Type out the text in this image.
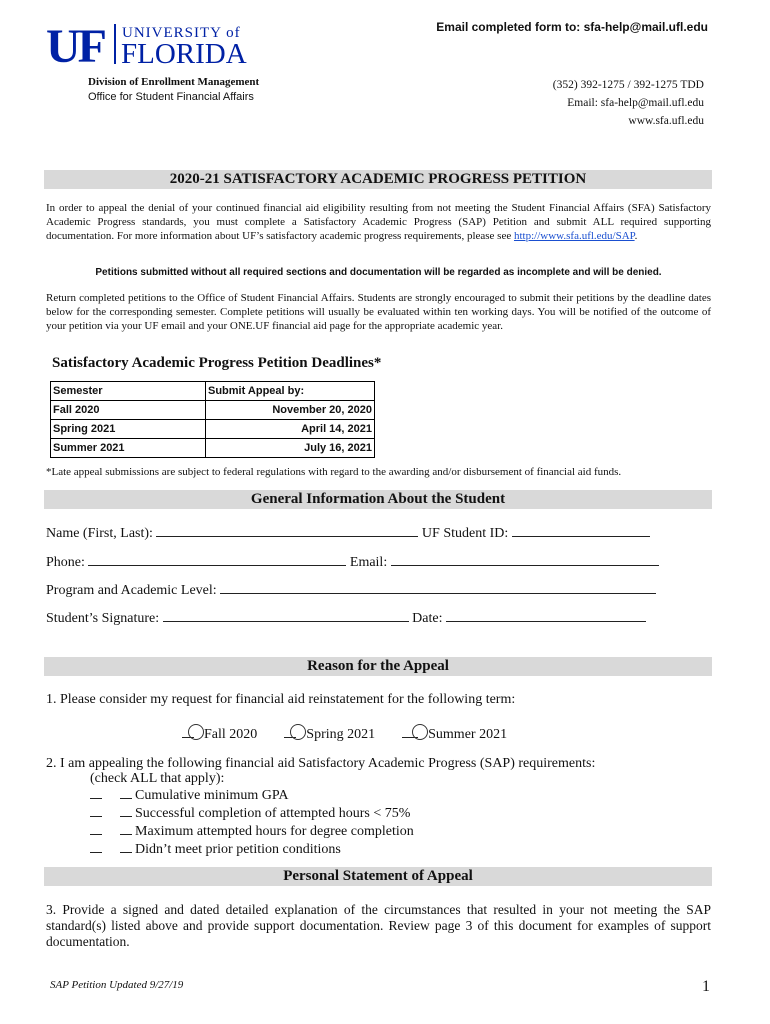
UF UNIVERSITY of
FLORIDA
Email completed form to: sfa-help@mail.ufl.edu
Division of Enrollment Management
Office for Student Financial Affairs
(352) 392-1275 / 392-1275 TDD
Email: sfa-help@mail.ufl.edu
www.sfa.ufl.edu
2020-21 SATISFACTORY ACADEMIC PROGRESS PETITION
In order to appeal the denial of your continued financial aid eligibility resulting from not meeting the Student Financial Affairs (SFA) Satisfactory Academic Progress standards, you must complete a Satisfactory Academic Progress (SAP) Petition and submit ALL required supporting documentation. For more information about UF’s satisfactory academic progress requirements, please see http://www.sfa.ufl.edu/SAP.
Petitions submitted without all required sections and documentation will be regarded as incomplete and will be denied.
Return completed petitions to the Office of Student Financial Affairs. Students are strongly encouraged to submit their petitions by the deadline dates below for the corresponding semester. Complete petitions will usually be evaluated within ten working days. You will be notified of the outcome of your petition via your UF email and your ONE.UF financial aid page for the appropriate academic year.
Satisfactory Academic Progress Petition Deadlines*
Semester	Submit Appeal by:
Fall 2020	November 20, 2020
Spring 2021	April 14, 2021
Summer 2021	July 16, 2021
*Late appeal submissions are subject to federal regulations with regard to the awarding and/or disbursement of financial aid funds.
General Information About the Student
Name (First, Last):	UF Student ID:
Phone:	Email:
Program and Academic Level:
Student’s Signature:	Date:
Reason for the Appeal
1. Please consider my request for financial aid reinstatement for the following term:
Fall 2020	Spring 2021	Summer 2021
2. I am appealing the following financial aid Satisfactory Academic Progress (SAP) requirements:
(check ALL that apply):
Cumulative minimum GPA
Successful completion of attempted hours < 75%
Maximum attempted hours for degree completion
Didn’t meet prior petition conditions
Personal Statement of Appeal
3. Provide a signed and dated detailed explanation of the circumstances that resulted in your not meeting the SAP standard(s) listed above and provide support documentation. Review page 3 of this document for examples of support documentation.
SAP Petition Updated 9/27/19	1
